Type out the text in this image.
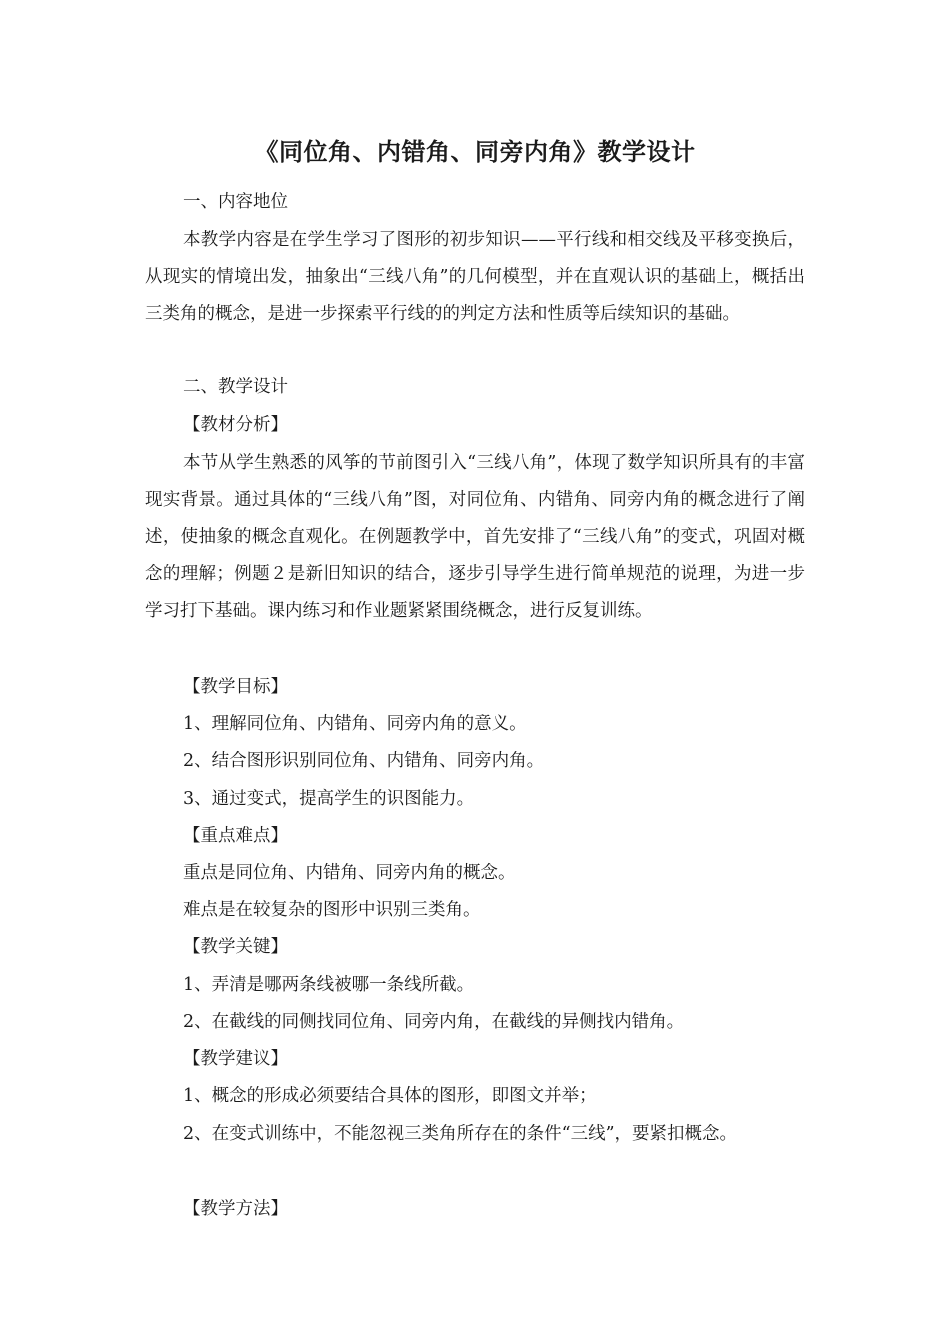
《同位角、内错角、同旁内角》教学设计
一、内容地位
本教学内容是在学生学习了图形的初步知识——平行线和相交线及平移变换后，从现实的情境出发，抽象出“三线八角”的几何模型，并在直观认识的基础上，概括出三类角的概念，是进一步探索平行线的的判定方法和性质等后续知识的基础。
二、教学设计
【教材分析】
本节从学生熟悉的风筝的节前图引入“三线八角”，体现了数学知识所具有的丰富现实背景。通过具体的“三线八角”图，对同位角、内错角、同旁内角的概念进行了阐述，使抽象的概念直观化。在例题教学中，首先安排了“三线八角”的变式，巩固对概念的理解；例题２是新旧知识的结合，逐步引导学生进行简单规范的说理，为进一步学习打下基础。课内练习和作业题紧紧围绕概念，进行反复训练。
【教学目标】
1、理解同位角、内错角、同旁内角的意义。
2、结合图形识别同位角、内错角、同旁内角。
3、通过变式，提高学生的识图能力。
【重点难点】
重点是同位角、内错角、同旁内角的概念。
难点是在较复杂的图形中识别三类角。
【教学关键】
1、弄清是哪两条线被哪一条线所截。
2、在截线的同侧找同位角、同旁内角，在截线的异侧找内错角。
【教学建议】
1、概念的形成必须要结合具体的图形，即图文并举；
2、在变式训练中，不能忽视三类角所存在的条件“三线”，要紧扣概念。
【教学方法】
